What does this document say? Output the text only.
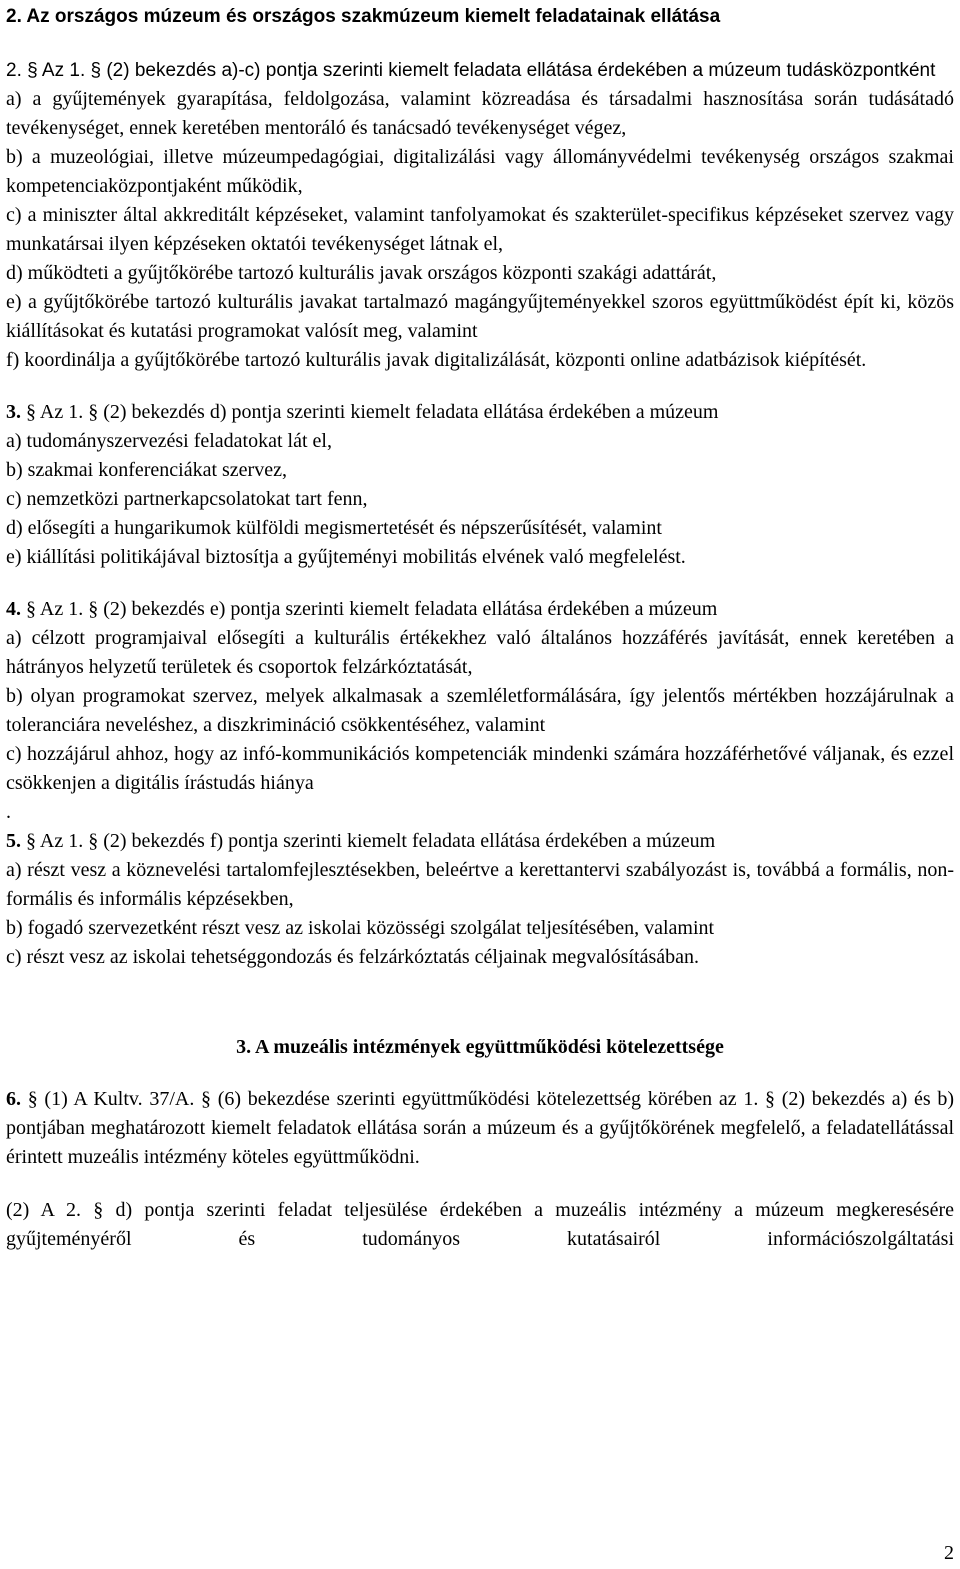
2. Az országos múzeum és országos szakmúzeum kiemelt feladatainak ellátása

2. § Az 1. § (2) bekezdés a)-c) pontja szerinti kiemelt feladata ellátása érdekében a múzeum tudásközpontként

a) a gyűjtemények gyarapítása, feldolgozása, valamint közreadása és társadalmi hasznosítása során tudásátadó tevékenységet, ennek keretében mentoráló és tanácsadó tevékenységet végez,

b) a muzeológiai, illetve múzeumpedagógiai, digitalizálási vagy állományvédelmi tevékenység országos szakmai kompetenciaközpontjaként működik,

c) a miniszter által akkreditált képzéseket, valamint tanfolyamokat és szakterület-specifikus képzéseket szervez vagy munkatársai ilyen képzéseken oktatói tevékenységet látnak el,

d) működteti a gyűjtőkörébe tartozó kulturális javak országos központi szakági adattárát,

e) a gyűjtőkörébe tartozó kulturális javakat tartalmazó magángyűjteményekkel szoros együttműködést épít ki, közös kiállításokat és kutatási programokat valósít meg, valamint

f) koordinálja a gyűjtőkörébe tartozó kulturális javak digitalizálását, központi online adatbázisok kiépítését.

3. § Az 1. § (2) bekezdés d) pontja szerinti kiemelt feladata ellátása érdekében a múzeum

a) tudományszervezési feladatokat lát el,

b) szakmai konferenciákat szervez,

c) nemzetközi partnerkapcsolatokat tart fenn,

d) elősegíti a hungarikumok külföldi megismertetését és népszerűsítését, valamint

e) kiállítási politikájával biztosítja a gyűjteményi mobilitás elvének való megfelelést.

4. § Az 1. § (2) bekezdés e) pontja szerinti kiemelt feladata ellátása érdekében a múzeum

a) célzott programjaival elősegíti a kulturális értékekhez való általános hozzáférés javítását, ennek keretében a hátrányos helyzetű területek és csoportok felzárkóztatását,

b) olyan programokat szervez, melyek alkalmasak a szemléletformálására, így jelentős mértékben hozzájárulnak a toleranciára neveléshez, a diszkrimináció csökkentéséhez, valamint

c) hozzájárul ahhoz, hogy az infó-kommunikációs kompetenciák mindenki számára hozzáférhetővé váljanak, és ezzel csökkenjen a digitális írástudás hiánya

.

5. § Az 1. § (2) bekezdés f) pontja szerinti kiemelt feladata ellátása érdekében a múzeum

a) részt vesz a köznevelési tartalomfejlesztésekben, beleértve a kerettantervi szabályozást is, továbbá a formális, non-formális és informális képzésekben,

b) fogadó szervezetként részt vesz az iskolai közösségi szolgálat teljesítésében, valamint

c) részt vesz az iskolai tehetséggondozás és felzárkóztatás céljainak megvalósításában.

3. A muzeális intézmények együttműködési kötelezettsége

6. § (1) A Kultv. 37/A. § (6) bekezdése szerinti együttműködési kötelezettség körében az 1. § (2) bekezdés a) és b) pontjában meghatározott kiemelt feladatok ellátása során a múzeum és a gyűjtőkörének megfelelő, a feladatellátással érintett muzeális intézmény köteles együttműködni.

(2) A 2. § d) pontja szerinti feladat teljesülése érdekében a muzeális intézmény a múzeum megkeresésére gyűjteményéről és tudományos kutatásairól információszolgáltatási

2
